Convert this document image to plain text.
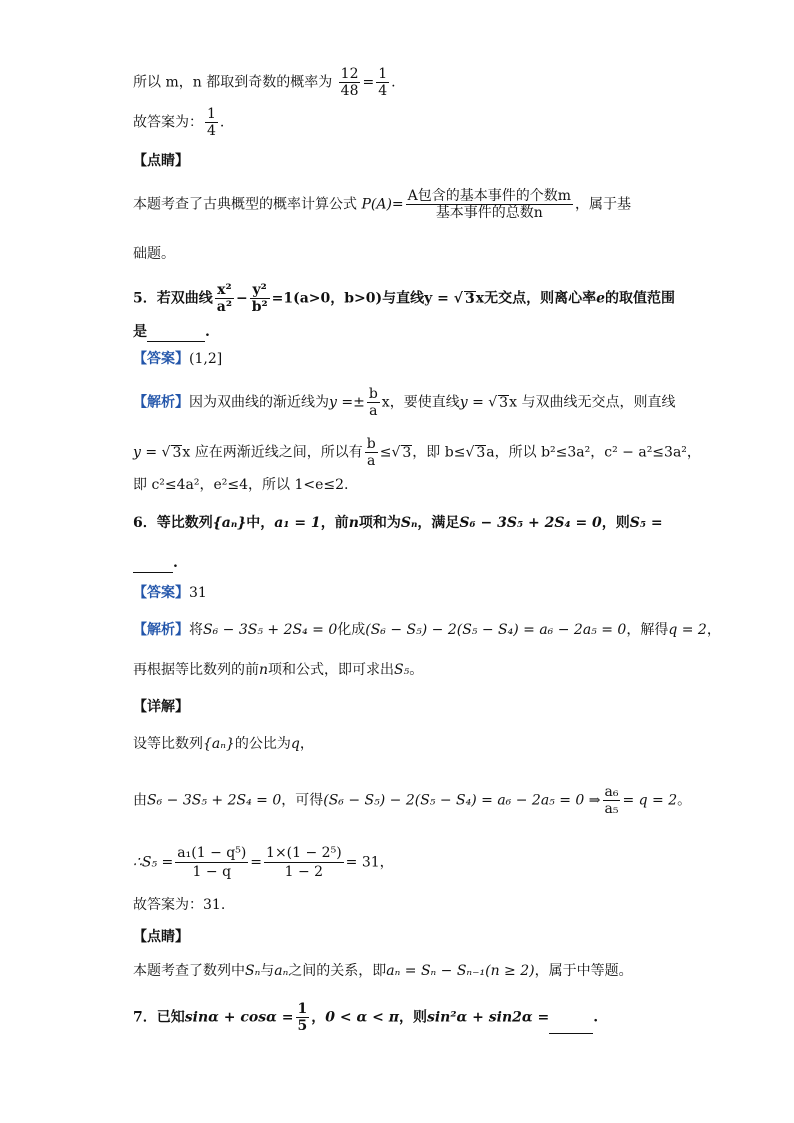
所以 m，n 都取到奇数的概率为 $\frac{12}{48} = \frac{1}{4}$ .
故答案为： $\frac{1}{4}$ .
【点睛】
本题考查了古典概型的概率计算公式 $P(A)= \frac{\text{A包含的基本事件的个数m}}{\text{基本事件的总数n}}$ ，属于基
础题。
5．若双曲线 $\frac{\text{x²}}{\text{a²}} - \frac{\text{y²}}{\text{b²}} =1(a>0$，b>0)与直线y = √ 3x无交点，则离心率e的取值范围
是	.
【答案】(1,2]
【解析】因为双曲线的渐近线为$y =\pm \frac{b}{a}$ x，要使直线y = √ 3x 与双曲线无交点，则直线
y = √ 3x 应在两渐近线之间，所以有 $\frac{b}{a}$ ≤√ 3，即 b≤√ 3a，所以 b²≤3a²，c² − a²≤3a²，
即 c²≤4a²，e²≤4，所以 1<e≤2.
6．等比数列{aₙ}中，a₁ = 1，前n项和为Sₙ，满足S₆ − 3S₅ + 2S₄ = 0，则S₅ =
.
【答案】31
【解析】将S₆ − 3S₅ + 2S₄ = 0化成(S₆ − S₅) − 2(S₅ − S₄) = a₆ − 2a₅ = 0，解得q = 2，
再根据等比数列的前n项和公式，即可求出S₅。
【详解】
设等比数列{aₙ}的公比为q，
由S₆ − 3S₅ + 2S₄ = 0，可得(S₆ − S₅) − 2(S₅ − S₄) = a₆ − 2a₅ = 0 ⇒ $\frac{\text{a₆}}{\text{a₅}} = q = 2$。
∴S₅ = $\frac{\text{a₁(1 − q⁵)}}{1 - q} = \frac{\text{1×(1 − 2⁵)}}{1 - 2} = 31$，
故答案为：31.
【点睛】
本题考查了数列中Sₙ与aₙ之间的关系，即aₙ = Sₙ − Sₙ₋₁(n ≥ 2)，属于中等题。
7．已知$\sin\alpha + \cos\alpha = \frac{1}{5}$ ，0 < α < π，则sin²α + sin2α =	.
